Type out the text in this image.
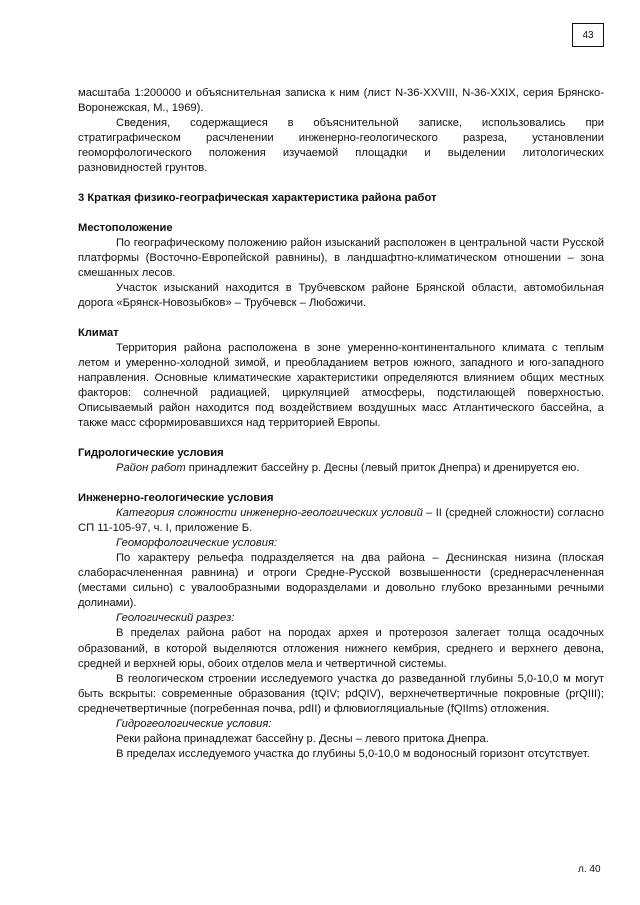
43

масштаба 1:200000 и объяснительная записка к ним (лист N-36-XXVIII, N-36-XXIX, серия Брянско-Воронежская, М., 1969).

Сведения, содержащиеся в объяснительной записке, использовались при стратиграфическом расчленении инженерно-геологического разреза, установлении геоморфологического положения изучаемой площадки и выделении литологических разновидностей грунтов.

3 Краткая физико-географическая характеристика района работ
Местоположение

По географическому положению район изысканий расположен в центральной части Русской платформы (Восточно-Европейской равнины), в ландшафтно-климатическом отношении – зона смешанных лесов.

Участок изысканий находится в Трубчевском районе Брянской области, автомобильная дорога «Брянск-Новозыбков» – Трубчевск – Любожичи.

Климат

Территория района расположена в зоне умеренно-континентального климата с теплым летом и умеренно-холодной зимой, и преобладанием ветров южного, западного и юго-западного направления. Основные климатические характеристики определяются влиянием общих местных факторов: солнечной радиацией, циркуляцией атмосферы, подстилающей поверхностью. Описываемый район находится под воздействием воздушных масс Атлантического бассейна, а также масс сформировавшихся над территорией Европы.

Гидрологические условия

Район работ принадлежит бассейну р. Десны (левый приток Днепра) и дренируется ею.

Инженерно-геологические условия

Категория сложности инженерно-геологических условий – II (средней сложности) согласно СП 11-105-97, ч. I, приложение Б.

Геоморфологические условия:

По характеру рельефа подразделяется на два района – Деснинская низина (плоская слаборасчлененная равнина) и отроги Средне-Русской возвышенности (среднерасчлененная (местами сильно) с увалообразными водоразделами и довольно глубоко врезанными речными долинами).

Геологический разрез:

В пределах района работ на породах архея и протерозоя залегает толща осадочных образований, в которой выделяются отложения нижнего кембрия, среднего и верхнего девона, средней и верхней юры, обоих отделов мела и четвертичной системы.

В геологическом строении исследуемого участка до разведанной глубины 5,0-10,0 м могут быть вскрыты: современные образования (tQIV; pdQIV), верхнечетвертичные покровные (prQIII); среднечетвертичные (погребенная почва, pdII) и флювиогляциальные (fQIIms) отложения.

Гидрогеологические условия:

Реки района принадлежат бассейну р. Десны – левого притока Днепра.

В пределах исследуемого участка до глубины 5,0-10,0 м водоносный горизонт отсутствует.

л. 40
